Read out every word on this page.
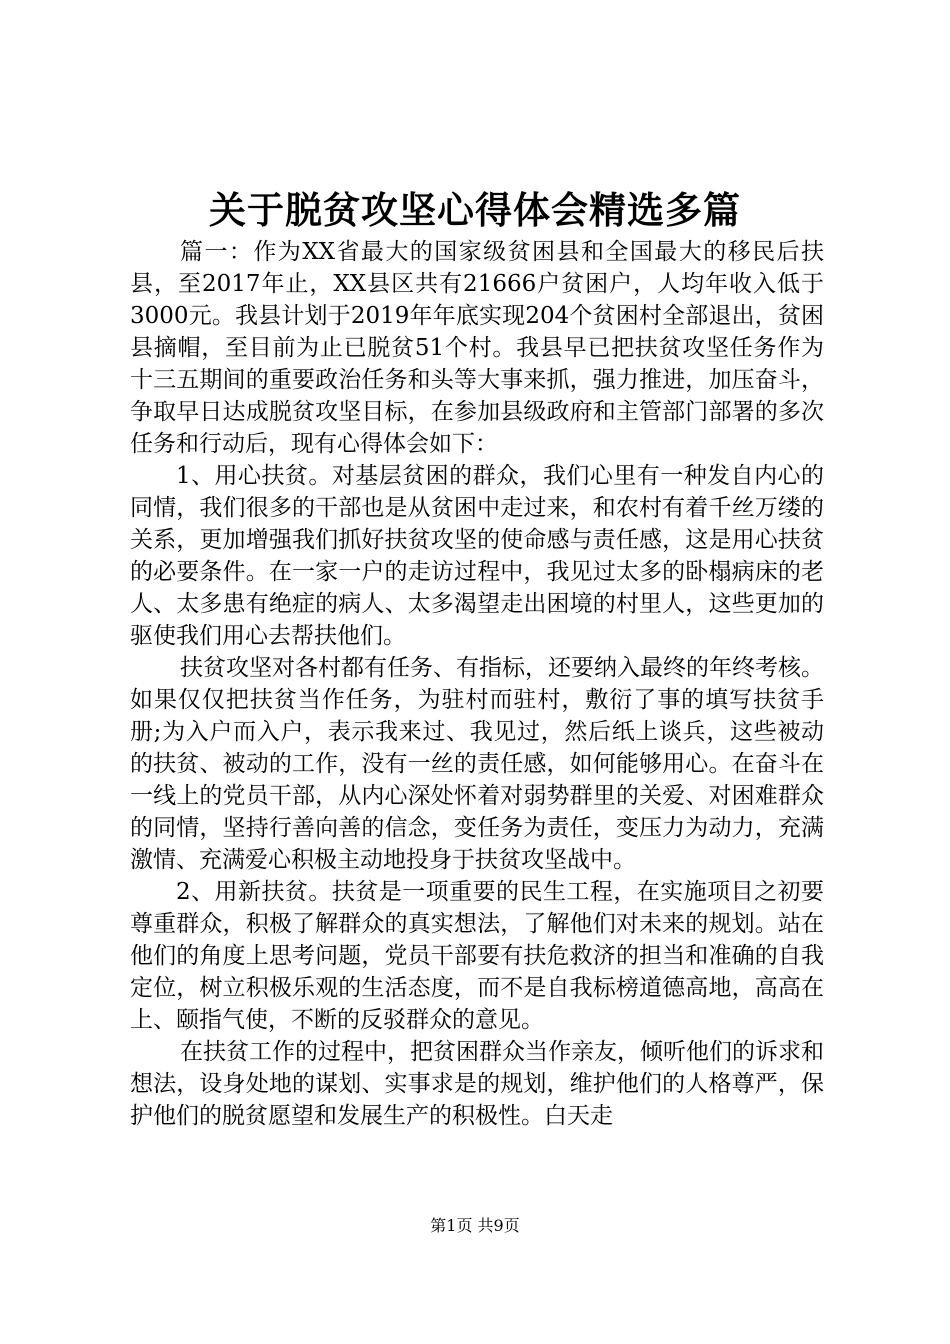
关于脱贫攻坚心得体会精选多篇

篇一：作为XX省最大的国家级贫困县和全国最大的移民后扶县，至2017年止，XX县区共有21666户贫困户，人均年收入低于3000元。我县计划于2019年年底实现204个贫困村全部退出，贫困县摘帽，至目前为止已脱贫51个村。我县早已把扶贫攻坚任务作为十三五期间的重要政治任务和头等大事来抓，强力推进，加压奋斗，争取早日达成脱贫攻坚目标，在参加县级政府和主管部门部署的多次任务和行动后，现有心得体会如下：

1、用心扶贫。对基层贫困的群众，我们心里有一种发自内心的同情，我们很多的干部也是从贫困中走过来，和农村有着千丝万缕的关系，更加增强我们抓好扶贫攻坚的使命感与责任感，这是用心扶贫的必要条件。在一家一户的走访过程中，我见过太多的卧榻病床的老人、太多患有绝症的病人、太多渴望走出困境的村里人，这些更加的驱使我们用心去帮扶他们。

扶贫攻坚对各村都有任务、有指标，还要纳入最终的年终考核。如果仅仅把扶贫当作任务，为驻村而驻村，敷衍了事的填写扶贫手册;为入户而入户，表示我来过、我见过，然后纸上谈兵，这些被动的扶贫、被动的工作，没有一丝的责任感，如何能够用心。在奋斗在一线上的党员干部，从内心深处怀着对弱势群里的关爱、对困难群众的同情，坚持行善向善的信念，变任务为责任，变压力为动力，充满激情、充满爱心积极主动地投身于扶贫攻坚战中。

2、用新扶贫。扶贫是一项重要的民生工程，在实施项目之初要尊重群众，积极了解群众的真实想法，了解他们对未来的规划。站在他们的角度上思考问题，党员干部要有扶危救济的担当和准确的自我定位，树立积极乐观的生活态度，而不是自我标榜道德高地，高高在上、颐指气使，不断的反驳群众的意见。

在扶贫工作的过程中，把贫困群众当作亲友，倾听他们的诉求和想法，设身处地的谋划、实事求是的规划，维护他们的人格尊严，保护他们的脱贫愿望和发展生产的积极性。白天走

第1页 共9页
